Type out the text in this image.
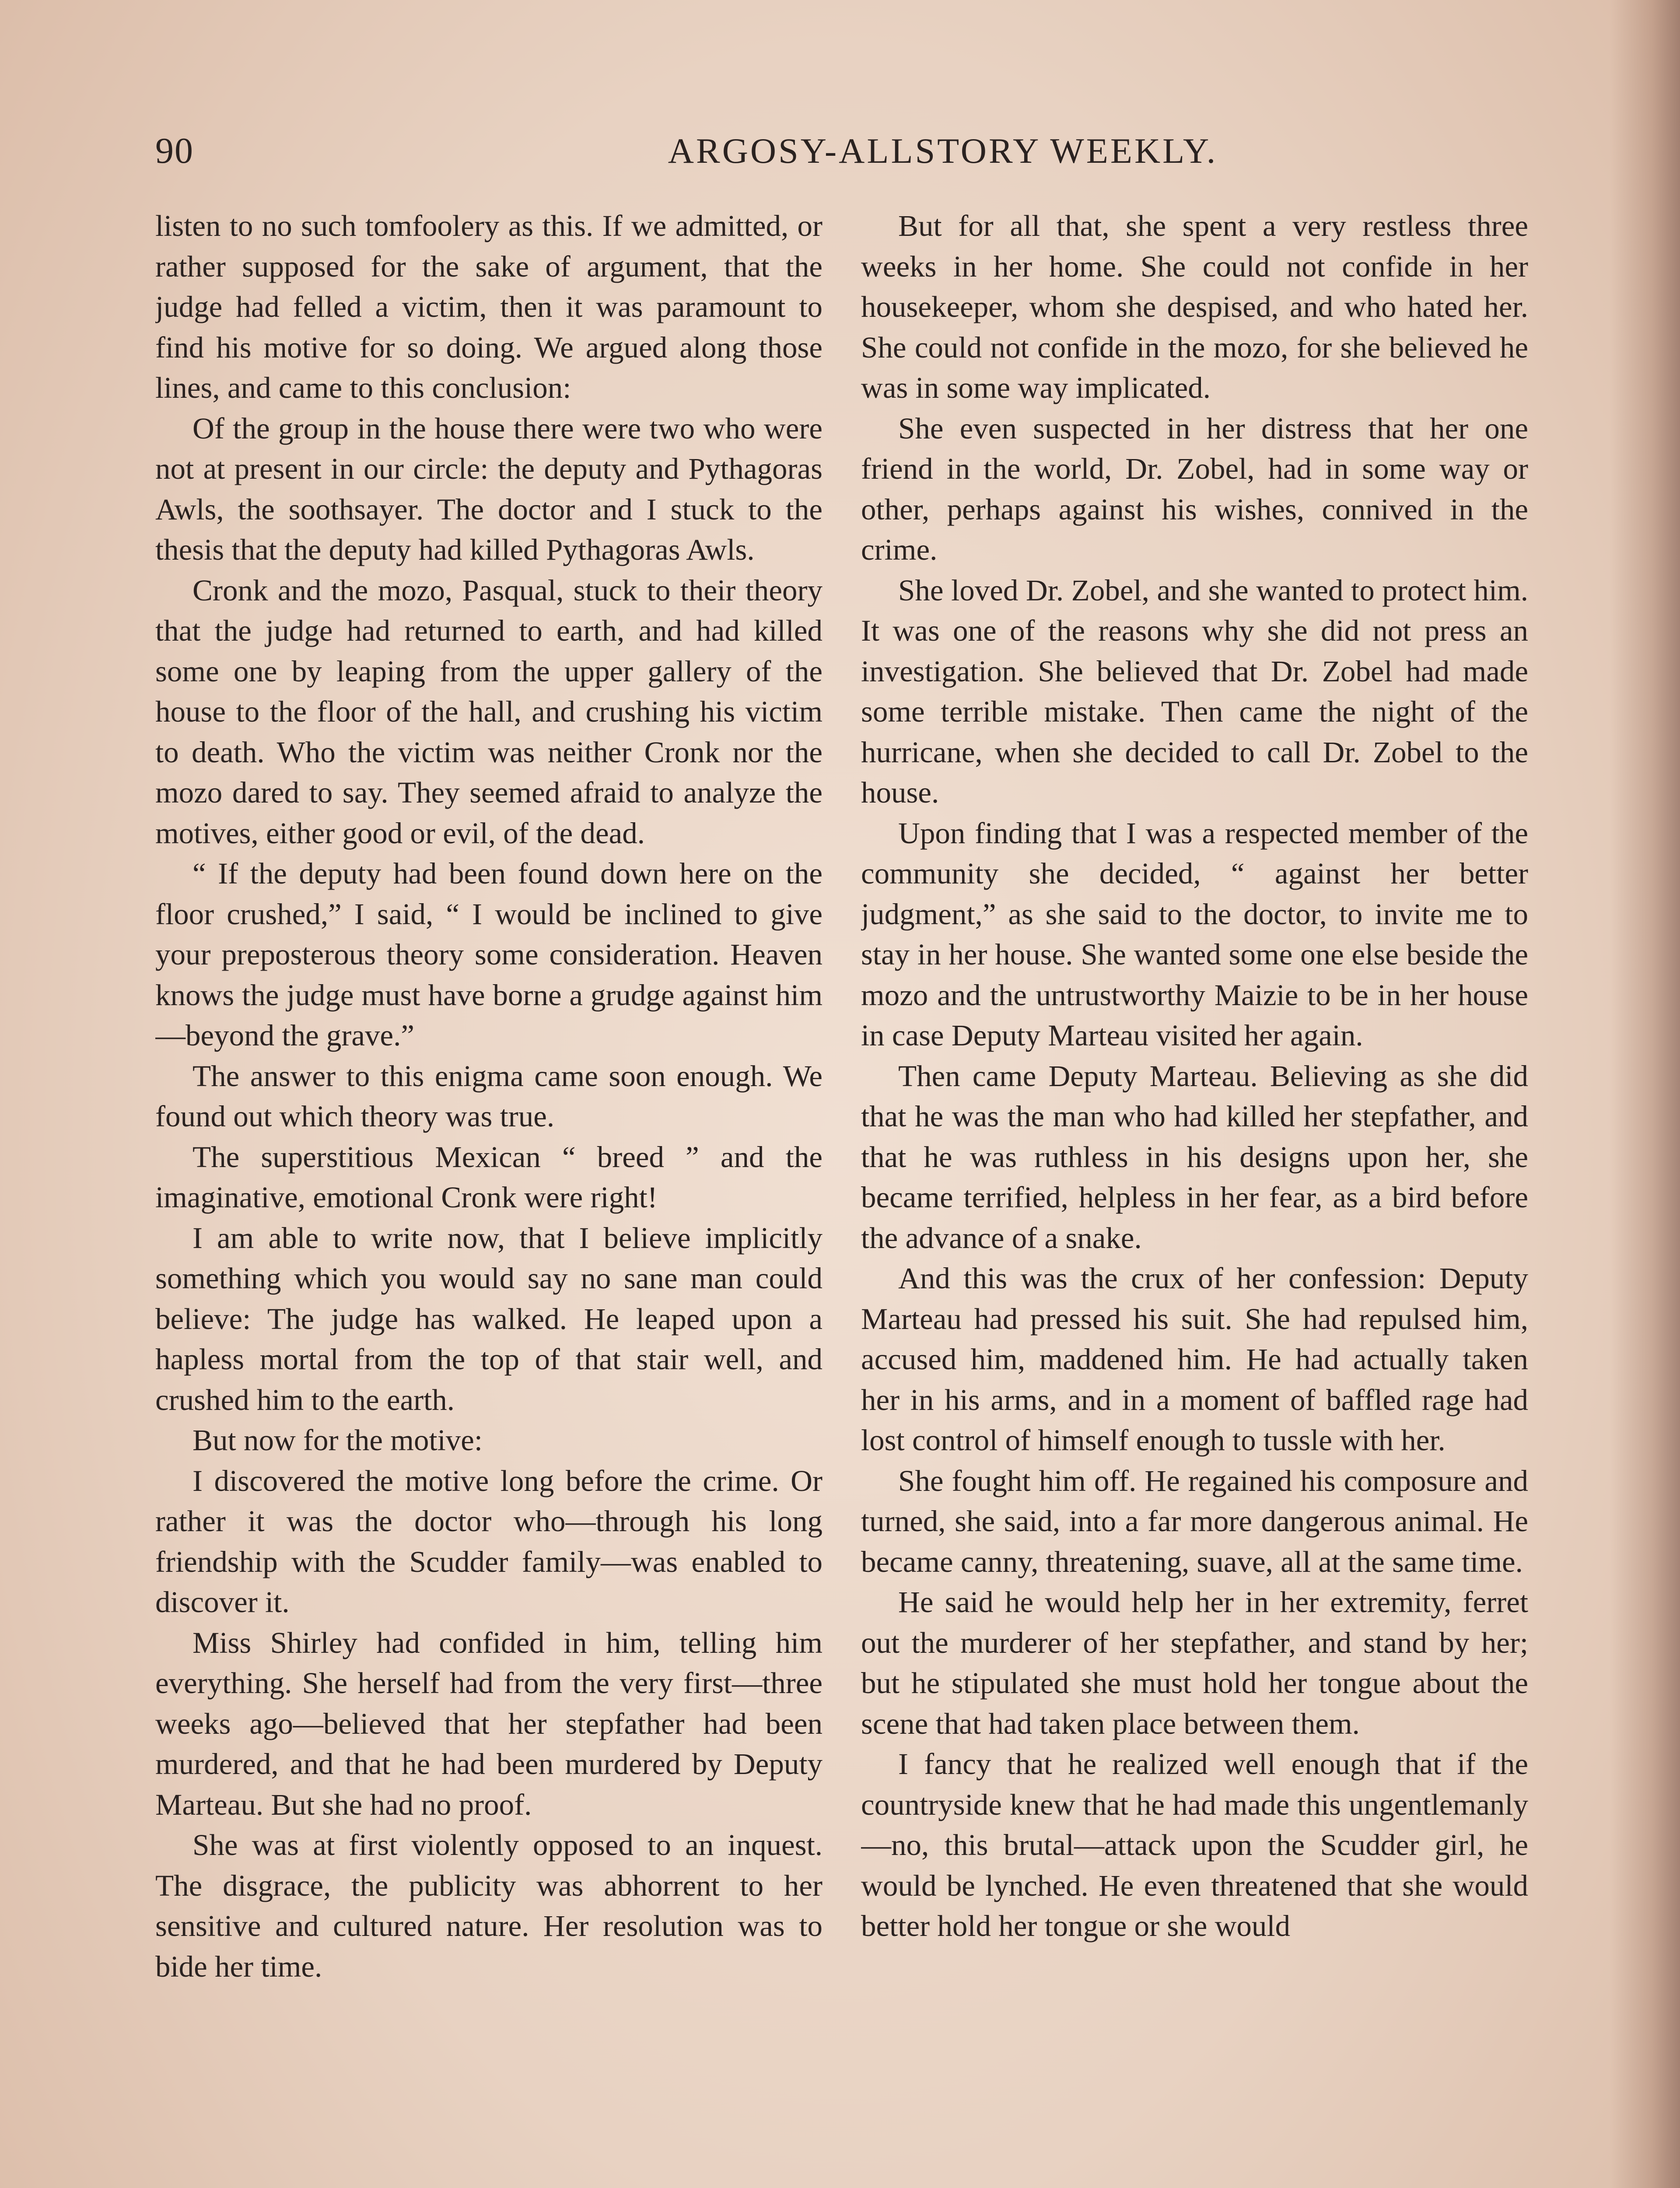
90	ARGOSY-ALLSTORY WEEKLY.

listen to no such tomfoolery as this. If we admitted, or rather supposed for the sake of argument, that the judge had felled a victim, then it was paramount to find his motive for so doing. We argued along those lines, and came to this conclusion:

Of the group in the house there were two who were not at present in our circle: the deputy and Pythagoras Awls, the soothsayer. The doctor and I stuck to the thesis that the deputy had killed Pythagoras Awls.

Cronk and the mozo, Pasqual, stuck to their theory that the judge had returned to earth, and had killed some one by leaping from the upper gallery of the house to the floor of the hall, and crushing his victim to death. Who the victim was neither Cronk nor the mozo dared to say. They seemed afraid to analyze the motives, either good or evil, of the dead.

“ If the deputy had been found down here on the floor crushed,” I said, “ I would be inclined to give your preposterous theory some consideration. Heaven knows the judge must have borne a grudge against him—beyond the grave.”

The answer to this enigma came soon enough. We found out which theory was true.

The superstitious Mexican “ breed ” and the imaginative, emotional Cronk were right!

I am able to write now, that I believe implicitly something which you would say no sane man could believe: The judge has walked. He leaped upon a hapless mortal from the top of that stair well, and crushed him to the earth.

But now for the motive:

I discovered the motive long before the crime. Or rather it was the doctor who—through his long friendship with the Scudder family—was enabled to discover it.

Miss Shirley had confided in him, telling him everything. She herself had from the very first—three weeks ago—believed that her stepfather had been murdered, and that he had been murdered by Deputy Marteau. But she had no proof.

She was at first violently opposed to an inquest. The disgrace, the publicity was abhorrent to her sensitive and cultured nature. Her resolution was to bide her time.

But for all that, she spent a very restless three weeks in her home. She could not confide in her housekeeper, whom she despised, and who hated her. She could not confide in the mozo, for she believed he was in some way implicated.

She even suspected in her distress that her one friend in the world, Dr. Zobel, had in some way or other, perhaps against his wishes, connived in the crime.

She loved Dr. Zobel, and she wanted to protect him. It was one of the reasons why she did not press an investigation. She believed that Dr. Zobel had made some terrible mistake. Then came the night of the hurricane, when she decided to call Dr. Zobel to the house.

Upon finding that I was a respected member of the community she decided, “ against her better judgment,” as she said to the doctor, to invite me to stay in her house. She wanted some one else beside the mozo and the untrustworthy Maizie to be in her house in case Deputy Marteau visited her again.

Then came Deputy Marteau. Believing as she did that he was the man who had killed her stepfather, and that he was ruthless in his designs upon her, she became terrified, helpless in her fear, as a bird before the advance of a snake.

And this was the crux of her confession: Deputy Marteau had pressed his suit. She had repulsed him, accused him, maddened him. He had actually taken her in his arms, and in a moment of baffled rage had lost control of himself enough to tussle with her.

She fought him off. He regained his composure and turned, she said, into a far more dangerous animal. He became canny, threatening, suave, all at the same time.

He said he would help her in her extremity, ferret out the murderer of her stepfather, and stand by her; but he stipulated she must hold her tongue about the scene that had taken place between them.

I fancy that he realized well enough that if the countryside knew that he had made this ungentlemanly—no, this brutal—attack upon the Scudder girl, he would be lynched. He even threatened that she would better hold her tongue or she would
